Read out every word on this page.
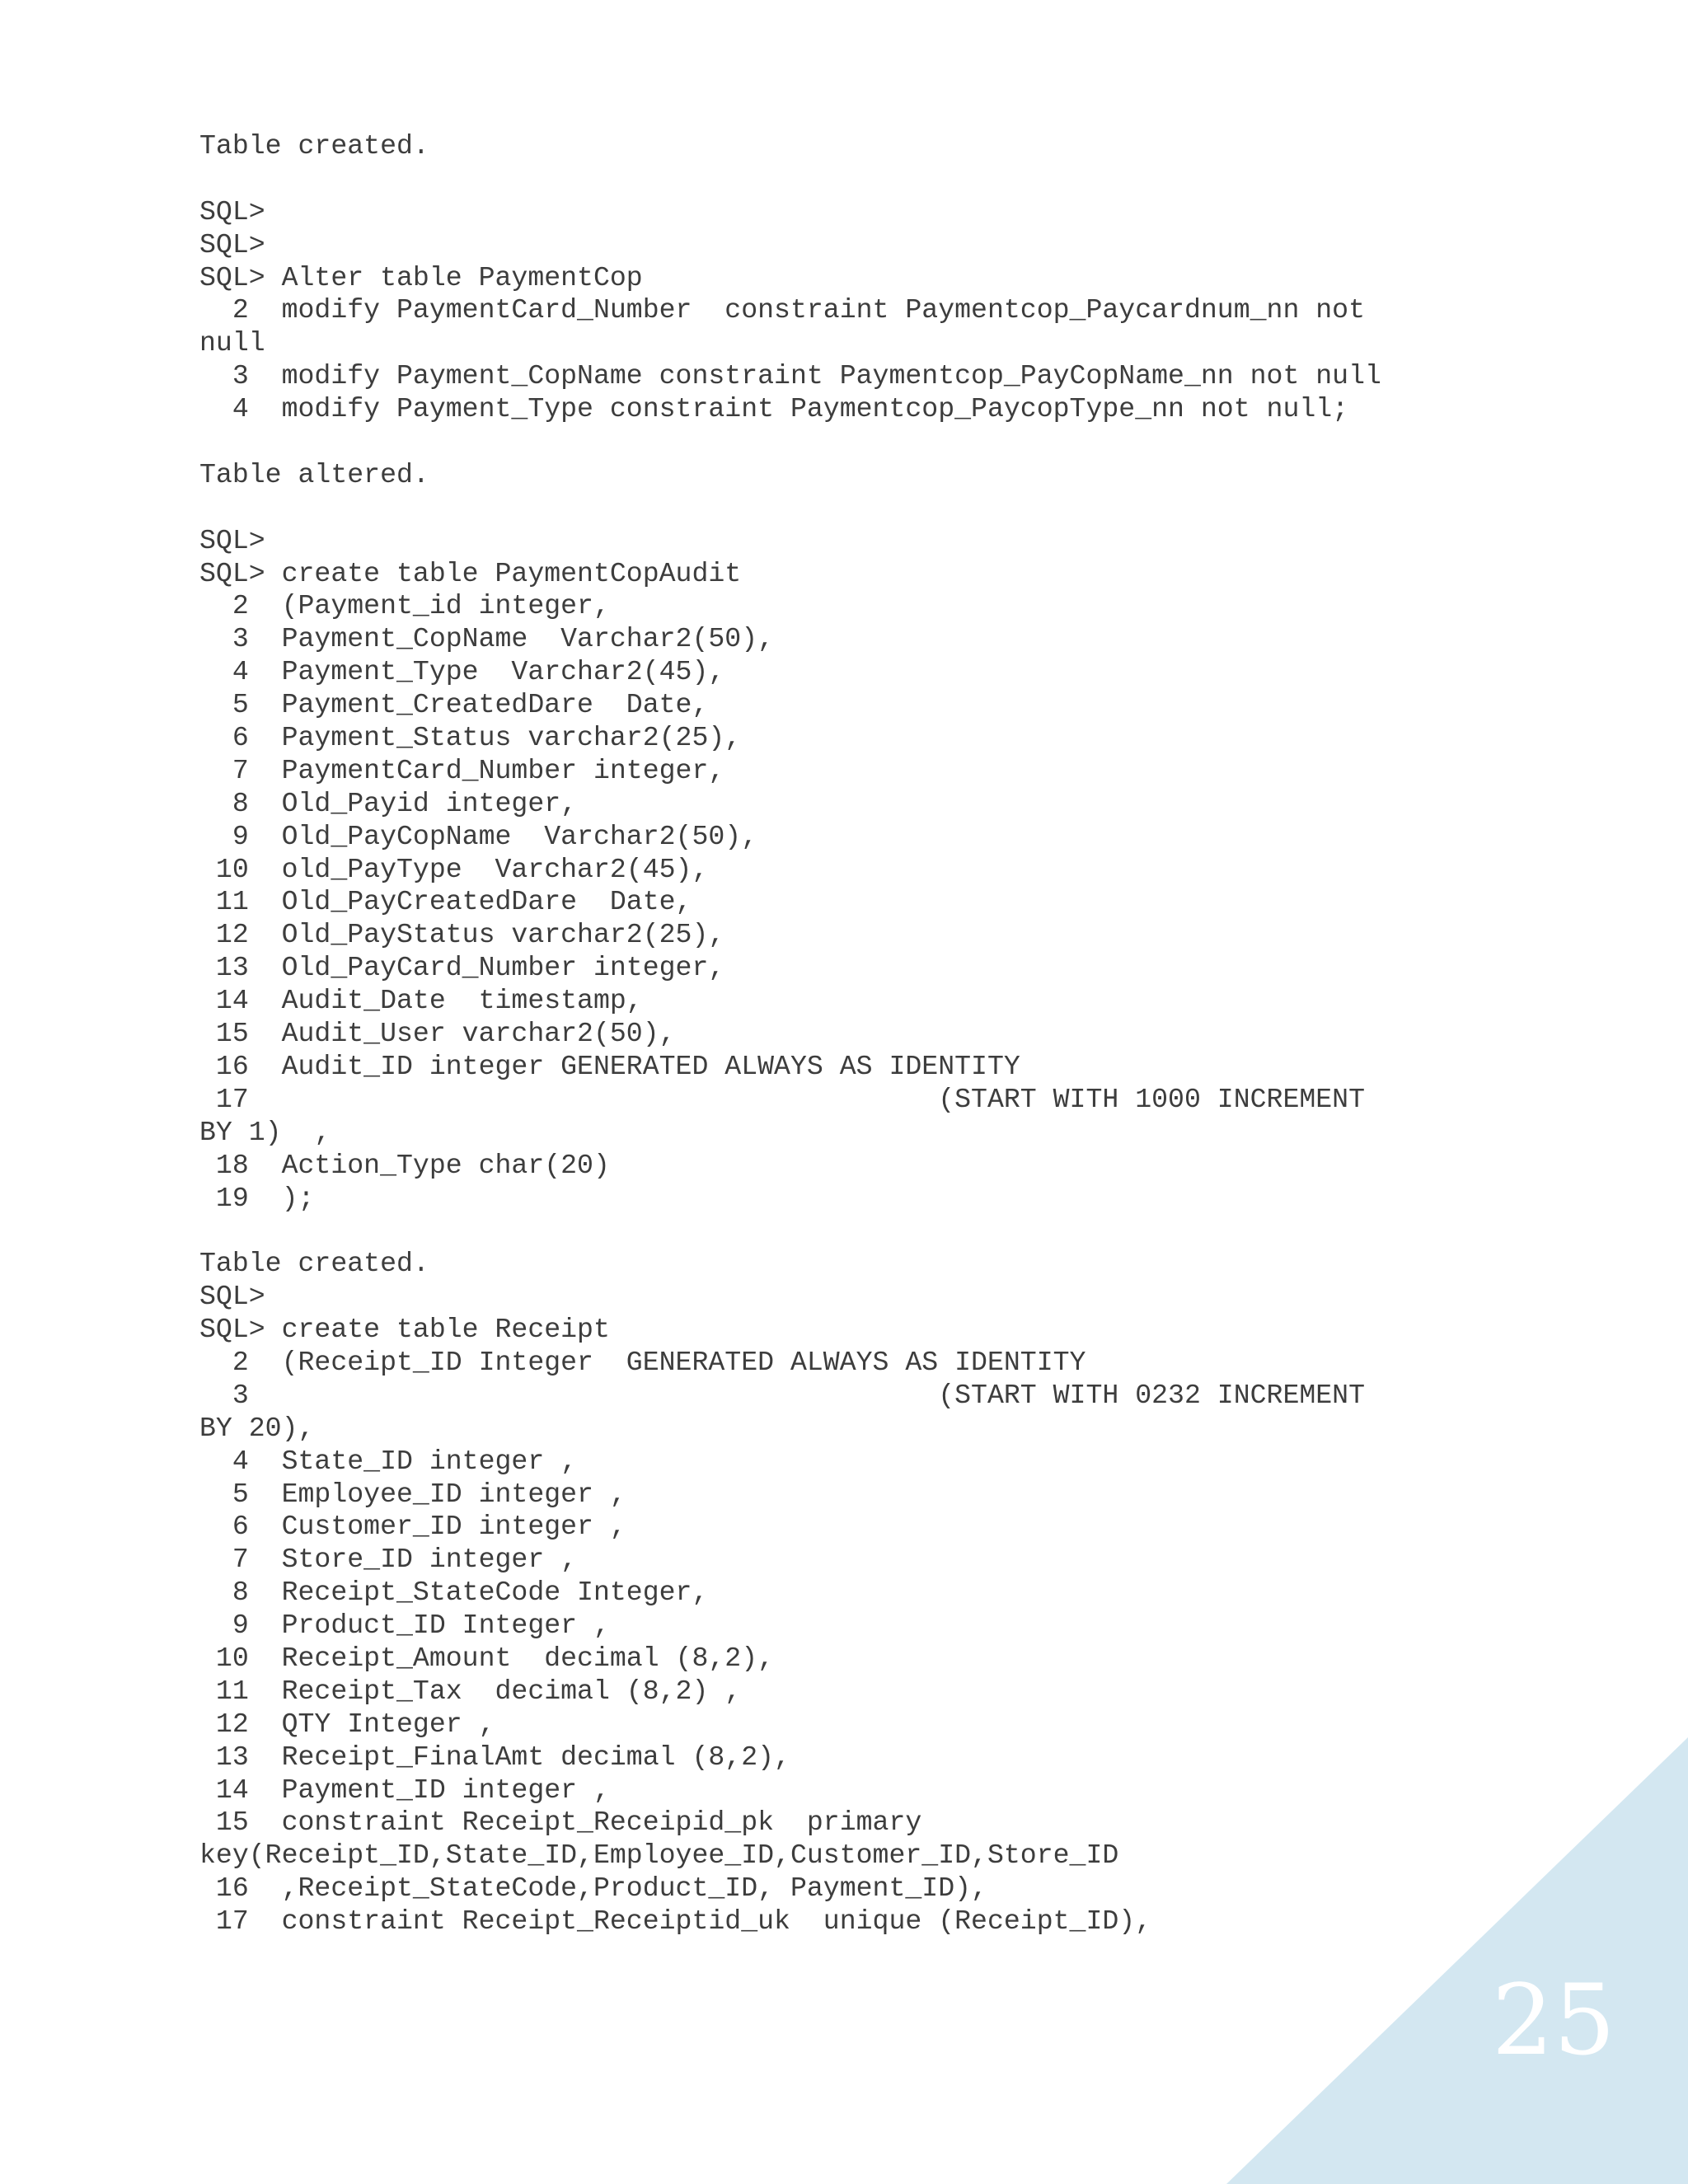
Table created.
SQL>
SQL>
SQL> Alter table PaymentCop
2  modify PaymentCard_Number  constraint Paymentcop_Paycardnum_nn not
null
3  modify Payment_CopName constraint Paymentcop_PayCopName_nn not null
4  modify Payment_Type constraint Paymentcop_PaycopType_nn not null;
Table altered.
SQL>
SQL> create table PaymentCopAudit
2  (Payment_id integer,
3  Payment_CopName  Varchar2(50),
4  Payment_Type  Varchar2(45),
5  Payment_CreatedDare  Date,
6  Payment_Status varchar2(25),
7  PaymentCard_Number integer,
8  Old_Payid integer,
9  Old_PayCopName  Varchar2(50),
10  old_PayType  Varchar2(45),
11  Old_PayCreatedDare  Date,
12  Old_PayStatus varchar2(25),
13  Old_PayCard_Number integer,
14  Audit_Date  timestamp,
15  Audit_User varchar2(50),
16  Audit_ID integer GENERATED ALWAYS AS IDENTITY
17                                          (START WITH 1000 INCREMENT
BY 1)  ,
18  Action_Type char(20)
19  );
Table created.
SQL>
SQL> create table Receipt
2  (Receipt_ID Integer  GENERATED ALWAYS AS IDENTITY
3                                          (START WITH 0232 INCREMENT
BY 20),
4  State_ID integer ,
5  Employee_ID integer ,
6  Customer_ID integer ,
7  Store_ID integer ,
8  Receipt_StateCode Integer,
9  Product_ID Integer ,
10  Receipt_Amount  decimal (8,2),
11  Receipt_Tax  decimal (8,2) ,
12  QTY Integer ,
13  Receipt_FinalAmt decimal (8,2),
14  Payment_ID integer ,
15  constraint Receipt_Receipid_pk  primary
key(Receipt_ID,State_ID,Employee_ID,Customer_ID,Store_ID
16  ,Receipt_StateCode,Product_ID, Payment_ID),
17  constraint Receipt_Receiptid_uk  unique (Receipt_ID),
25
